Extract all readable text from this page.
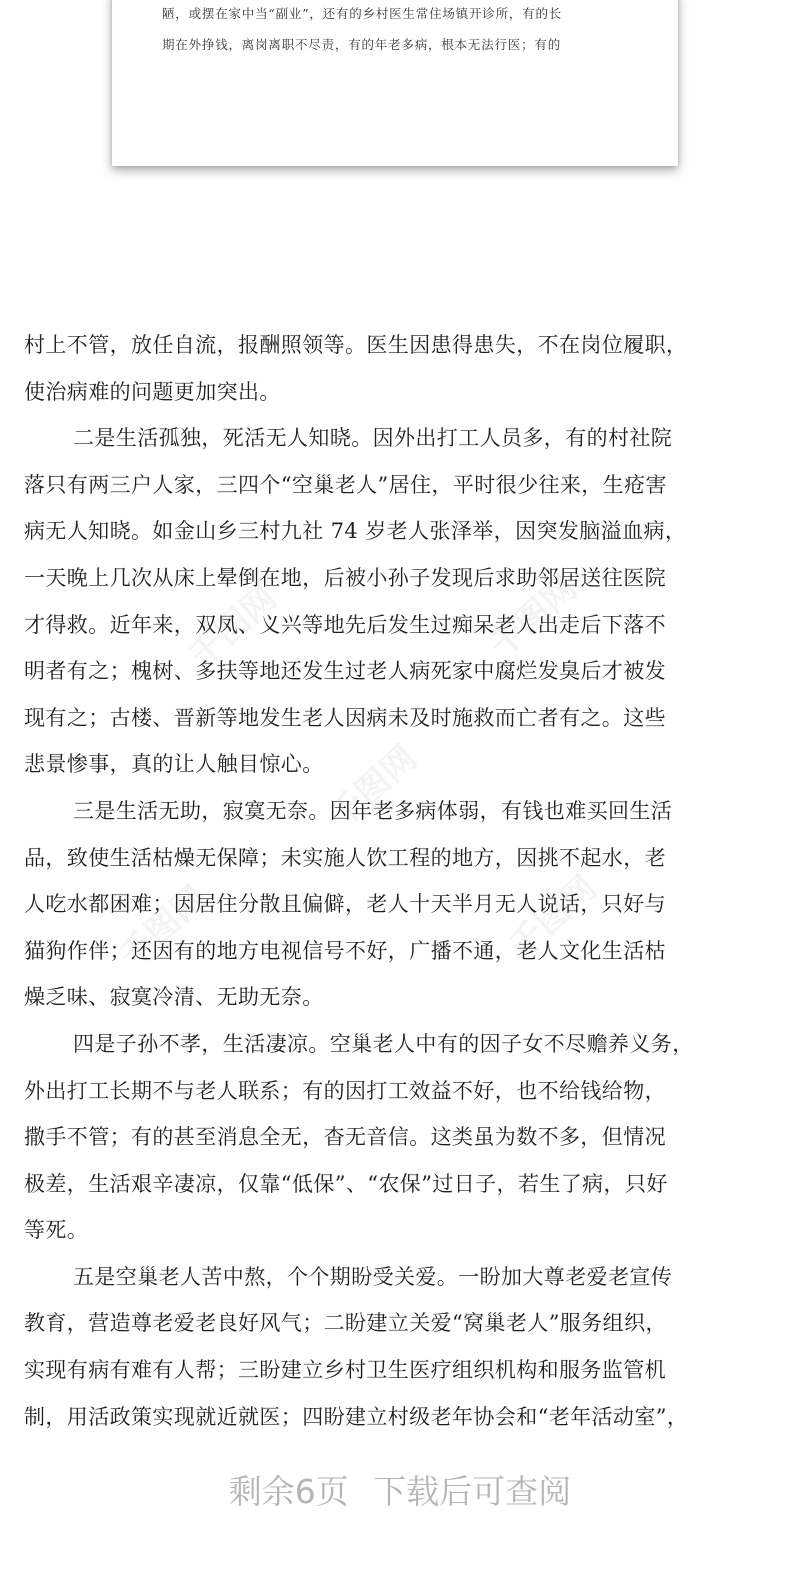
陋，或摆在家中当“副业”，还有的乡村医生常住场镇开诊所，有的长
期在外挣钱，离岗离职不尽责，有的年老多病，根本无法行医；有的
千图网	千图网
千图网
千图网	千图网
村上不管，放任自流，报酬照领等。医生因患得患失，不在岗位履职，
使治病难的问题更加突出。
二是生活孤独，死活无人知晓。因外出打工人员多，有的村社院
落只有两三户人家，三四个“空巢老人”居住，平时很少往来，生疮害
病无人知晓。如金山乡三村九社 74 岁老人张泽举，因突发脑溢血病，
一天晚上几次从床上晕倒在地，后被小孙子发现后求助邻居送往医院
才得救。近年来，双凤、义兴等地先后发生过痴呆老人出走后下落不
明者有之；槐树、多扶等地还发生过老人病死家中腐烂发臭后才被发
现有之；古楼、晋新等地发生老人因病未及时施救而亡者有之。这些
悲景惨事，真的让人触目惊心。
三是生活无助，寂寞无奈。因年老多病体弱，有钱也难买回生活
品，致使生活枯燥无保障；未实施人饮工程的地方，因挑不起水，老
人吃水都困难；因居住分散且偏僻，老人十天半月无人说话，只好与
猫狗作伴；还因有的地方电视信号不好，广播不通，老人文化生活枯
燥乏味、寂寞冷清、无助无奈。
四是子孙不孝，生活凄凉。空巢老人中有的因子女不尽赡养义务，
外出打工长期不与老人联系；有的因打工效益不好，也不给钱给物，
撒手不管；有的甚至消息全无，杳无音信。这类虽为数不多，但情况
极差，生活艰辛凄凉，仅靠“低保”、“农保”过日子，若生了病，只好
等死。
五是空巢老人苦中熬，个个期盼受关爱。一盼加大尊老爱老宣传
教育，营造尊老爱老良好风气；二盼建立关爱“窝巢老人”服务组织，
实现有病有难有人帮；三盼建立乡村卫生医疗组织机构和服务监管机
制，用活政策实现就近就医；四盼建立村级老年协会和“老年活动室”，
剩余6页 下载后可查阅
